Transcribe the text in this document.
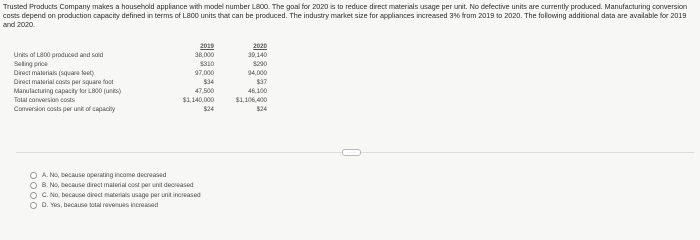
Trusted Products Company makes a household appliance with model number L800. The goal for 2020 is to reduce direct materials usage per unit. No defective units are currently produced. Manufacturing conversion costs depend on production capacity defined in terms of L800 units that can be produced. The industry market size for appliances increased 3% from 2019 to 2020. The following additional data are available for 2019 and 2020.
	2019	2020
Units of L800 produced and sold	38,000	39,140
Selling price	$310	$290
Direct materials (square feet)	97,000	94,000
Direct material costs per square foot	$34	$37
Manufacturing capacity for L800 (units)	47,500	46,100
Total conversion costs	$1,140,000	$1,106,400
Conversion costs per unit of capacity	$24	$24
·····
A.
No, because operating income decreased
B.
No, because direct material cost per unit decreased
C.
No, because direct materials usage per unit increased
D.
Yes, because total revenues increased
